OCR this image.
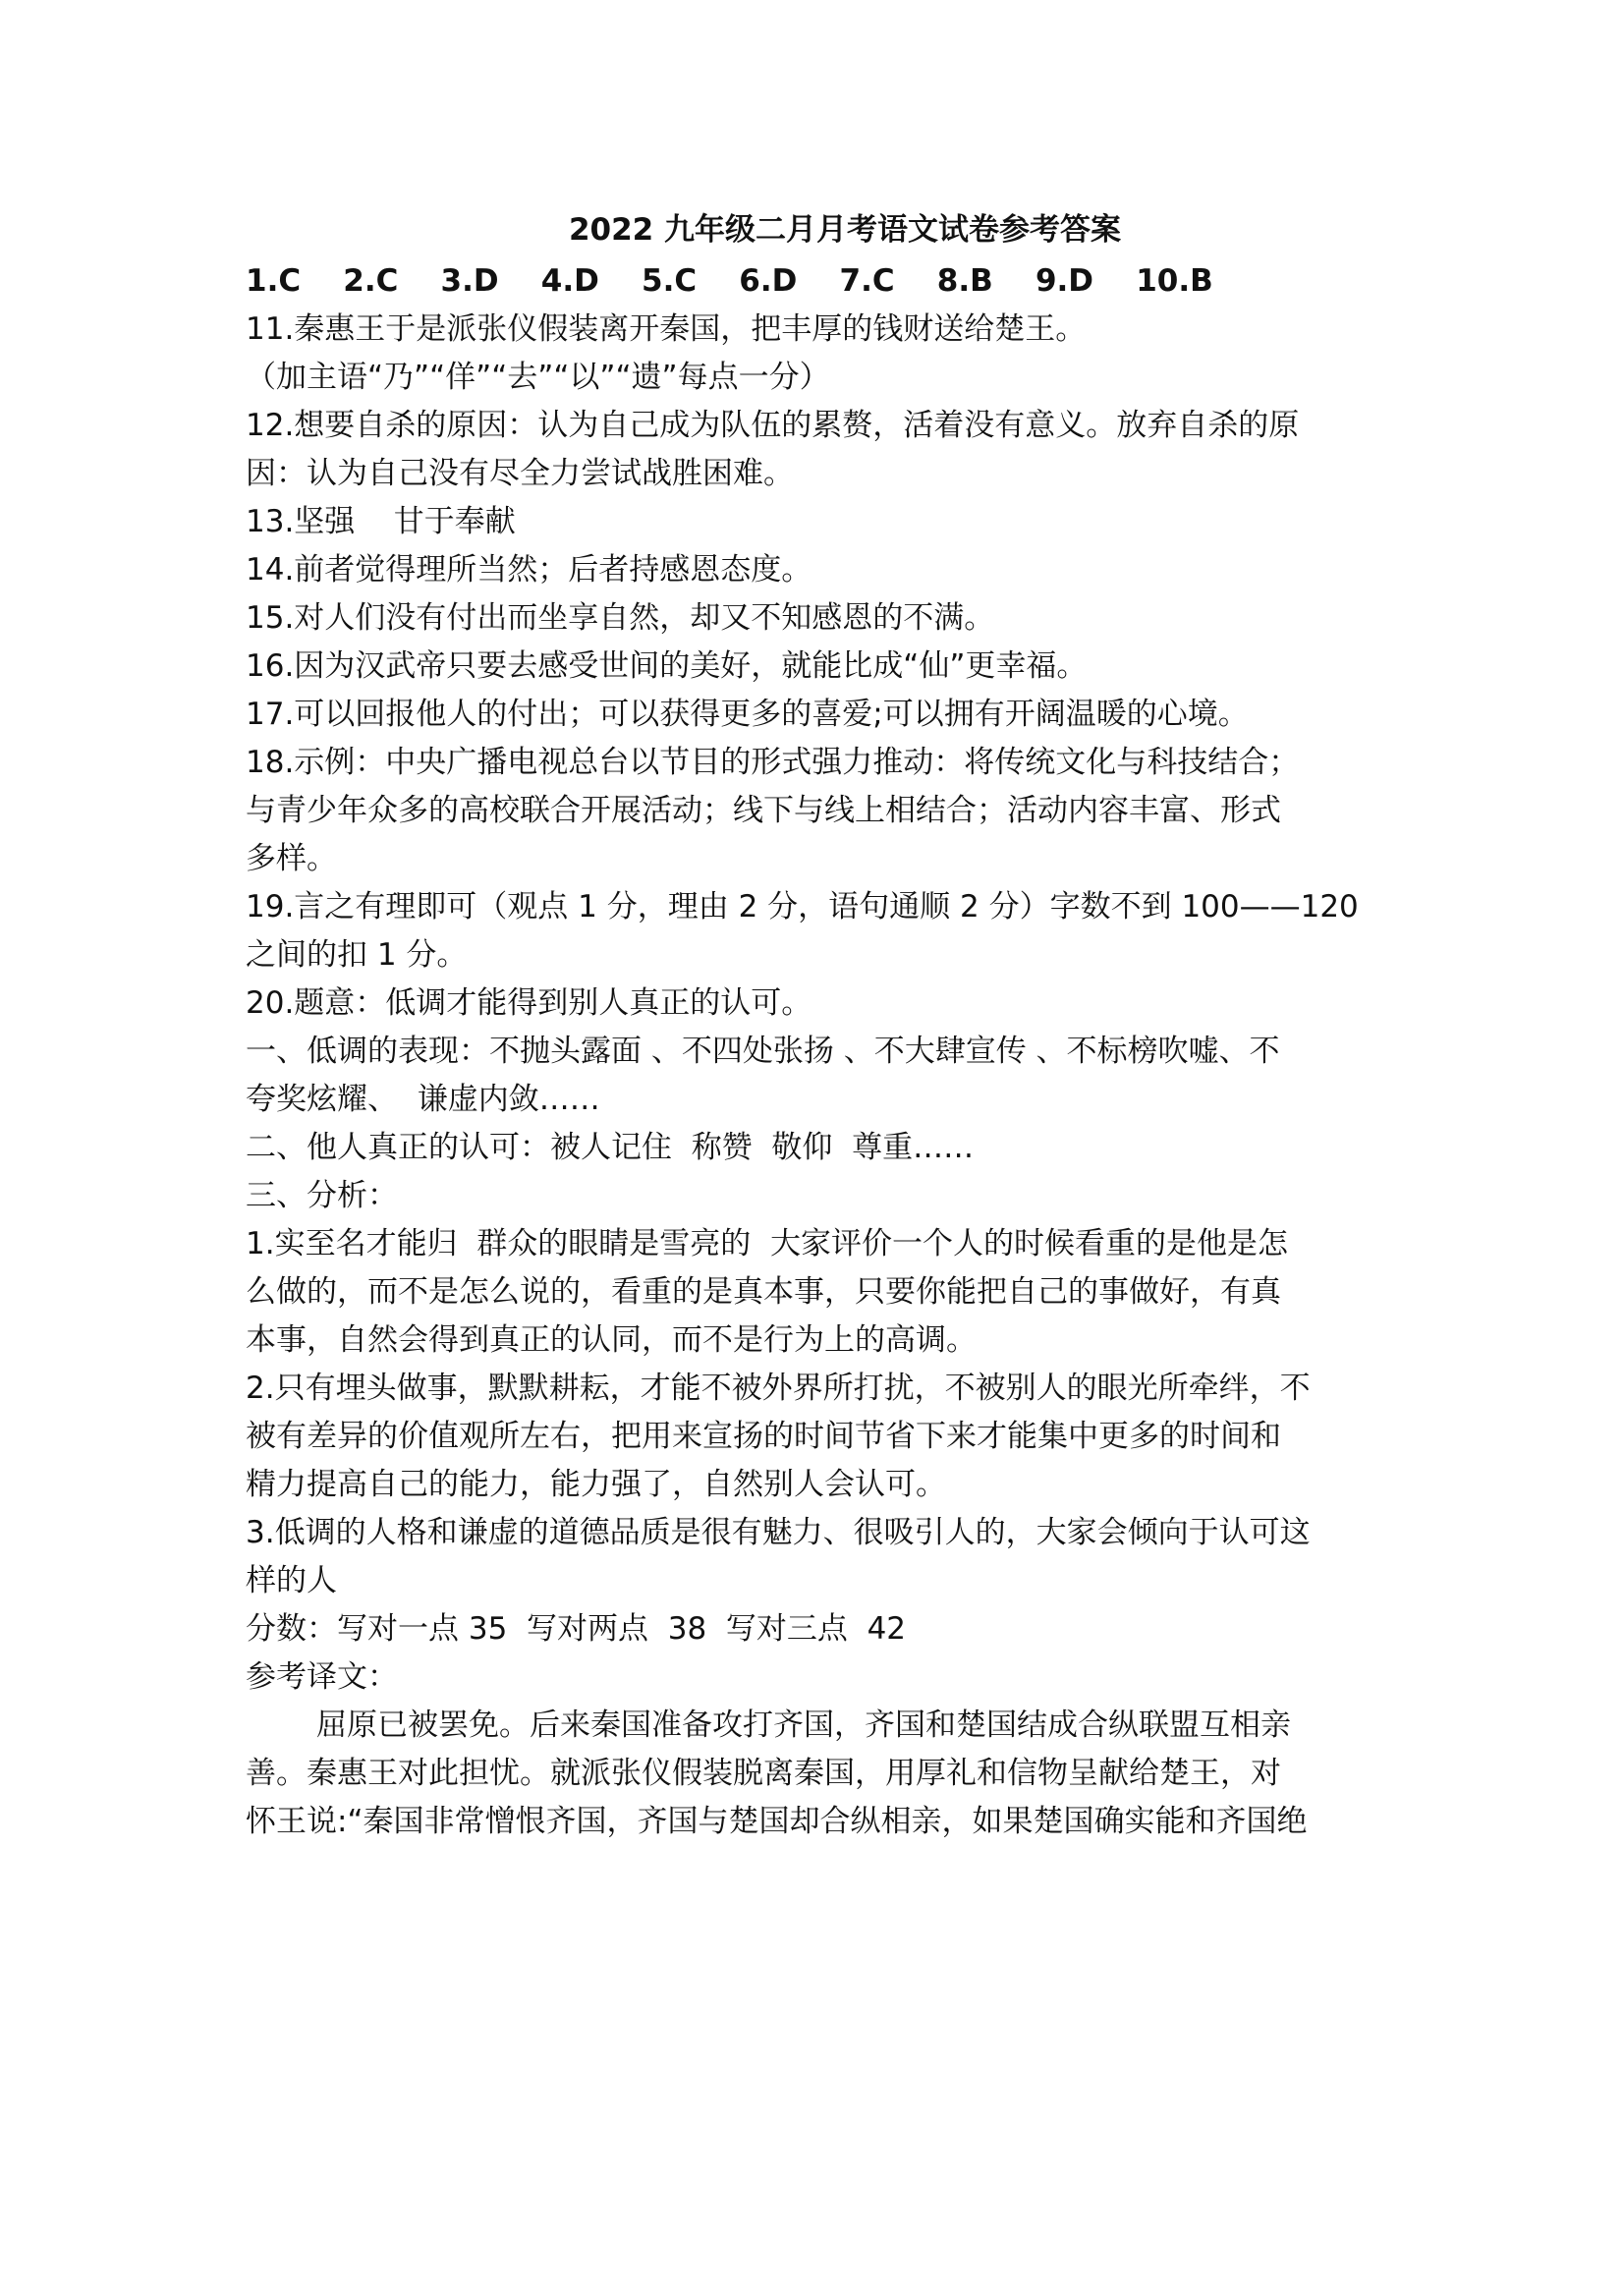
2022 九年级二月月考语文试卷参考答案
1.C    2.C    3.D    4.D    5.C    6.D    7.C    8.B    9.D    10.B
11.秦惠王于是派张仪假装离开秦国，把丰厚的钱财送给楚王。
（加主语“乃”“佯”“去”“以”“遗”每点一分）
12.想要自杀的原因：认为自己成为队伍的累赘，活着没有意义。放弃自杀的原
因：认为自己没有尽全力尝试战胜困难。
13.坚强    甘于奉献
14.前者觉得理所当然；后者持感恩态度。
15.对人们没有付出而坐享自然，却又不知感恩的不满。
16.因为汉武帝只要去感受世间的美好，就能比成“仙”更幸福。
17.可以回报他人的付出；可以获得更多的喜爱;可以拥有开阔温暖的心境。
18.示例：中央广播电视总台以节目的形式强力推动：将传统文化与科技结合；
与青少年众多的高校联合开展活动；线下与线上相结合；活动内容丰富、形式
多样。
19.言之有理即可（观点 1 分，理由 2 分，语句通顺 2 分）字数不到 100——120
之间的扣 1 分。
20.题意：低调才能得到别人真正的认可。
一、低调的表现：不抛头露面 、不四处张扬 、不大肆宣传 、不标榜吹嘘、不
夸奖炫耀、  谦虚内敛……
二、他人真正的认可：被人记住  称赞  敬仰  尊重……
三、分析：
1.实至名才能归  群众的眼睛是雪亮的  大家评价一个人的时候看重的是他是怎
么做的，而不是怎么说的，看重的是真本事，只要你能把自己的事做好，有真
本事，自然会得到真正的认同，而不是行为上的高调。
2.只有埋头做事，默默耕耘，才能不被外界所打扰，不被别人的眼光所牵绊，不
被有差异的价值观所左右，把用来宣扬的时间节省下来才能集中更多的时间和
精力提高自己的能力，能力强了，自然别人会认可。
3.低调的人格和谦虚的道德品质是很有魅力、很吸引人的，大家会倾向于认可这
样的人
分数：写对一点 35  写对两点  38  写对三点  42
参考译文：
屈原已被罢免。后来秦国准备攻打齐国，齐国和楚国结成合纵联盟互相亲
善。秦惠王对此担忧。就派张仪假装脱离秦国，用厚礼和信物呈献给楚王，对
怀王说:“秦国非常憎恨齐国，齐国与楚国却合纵相亲，如果楚国确实能和齐国绝
